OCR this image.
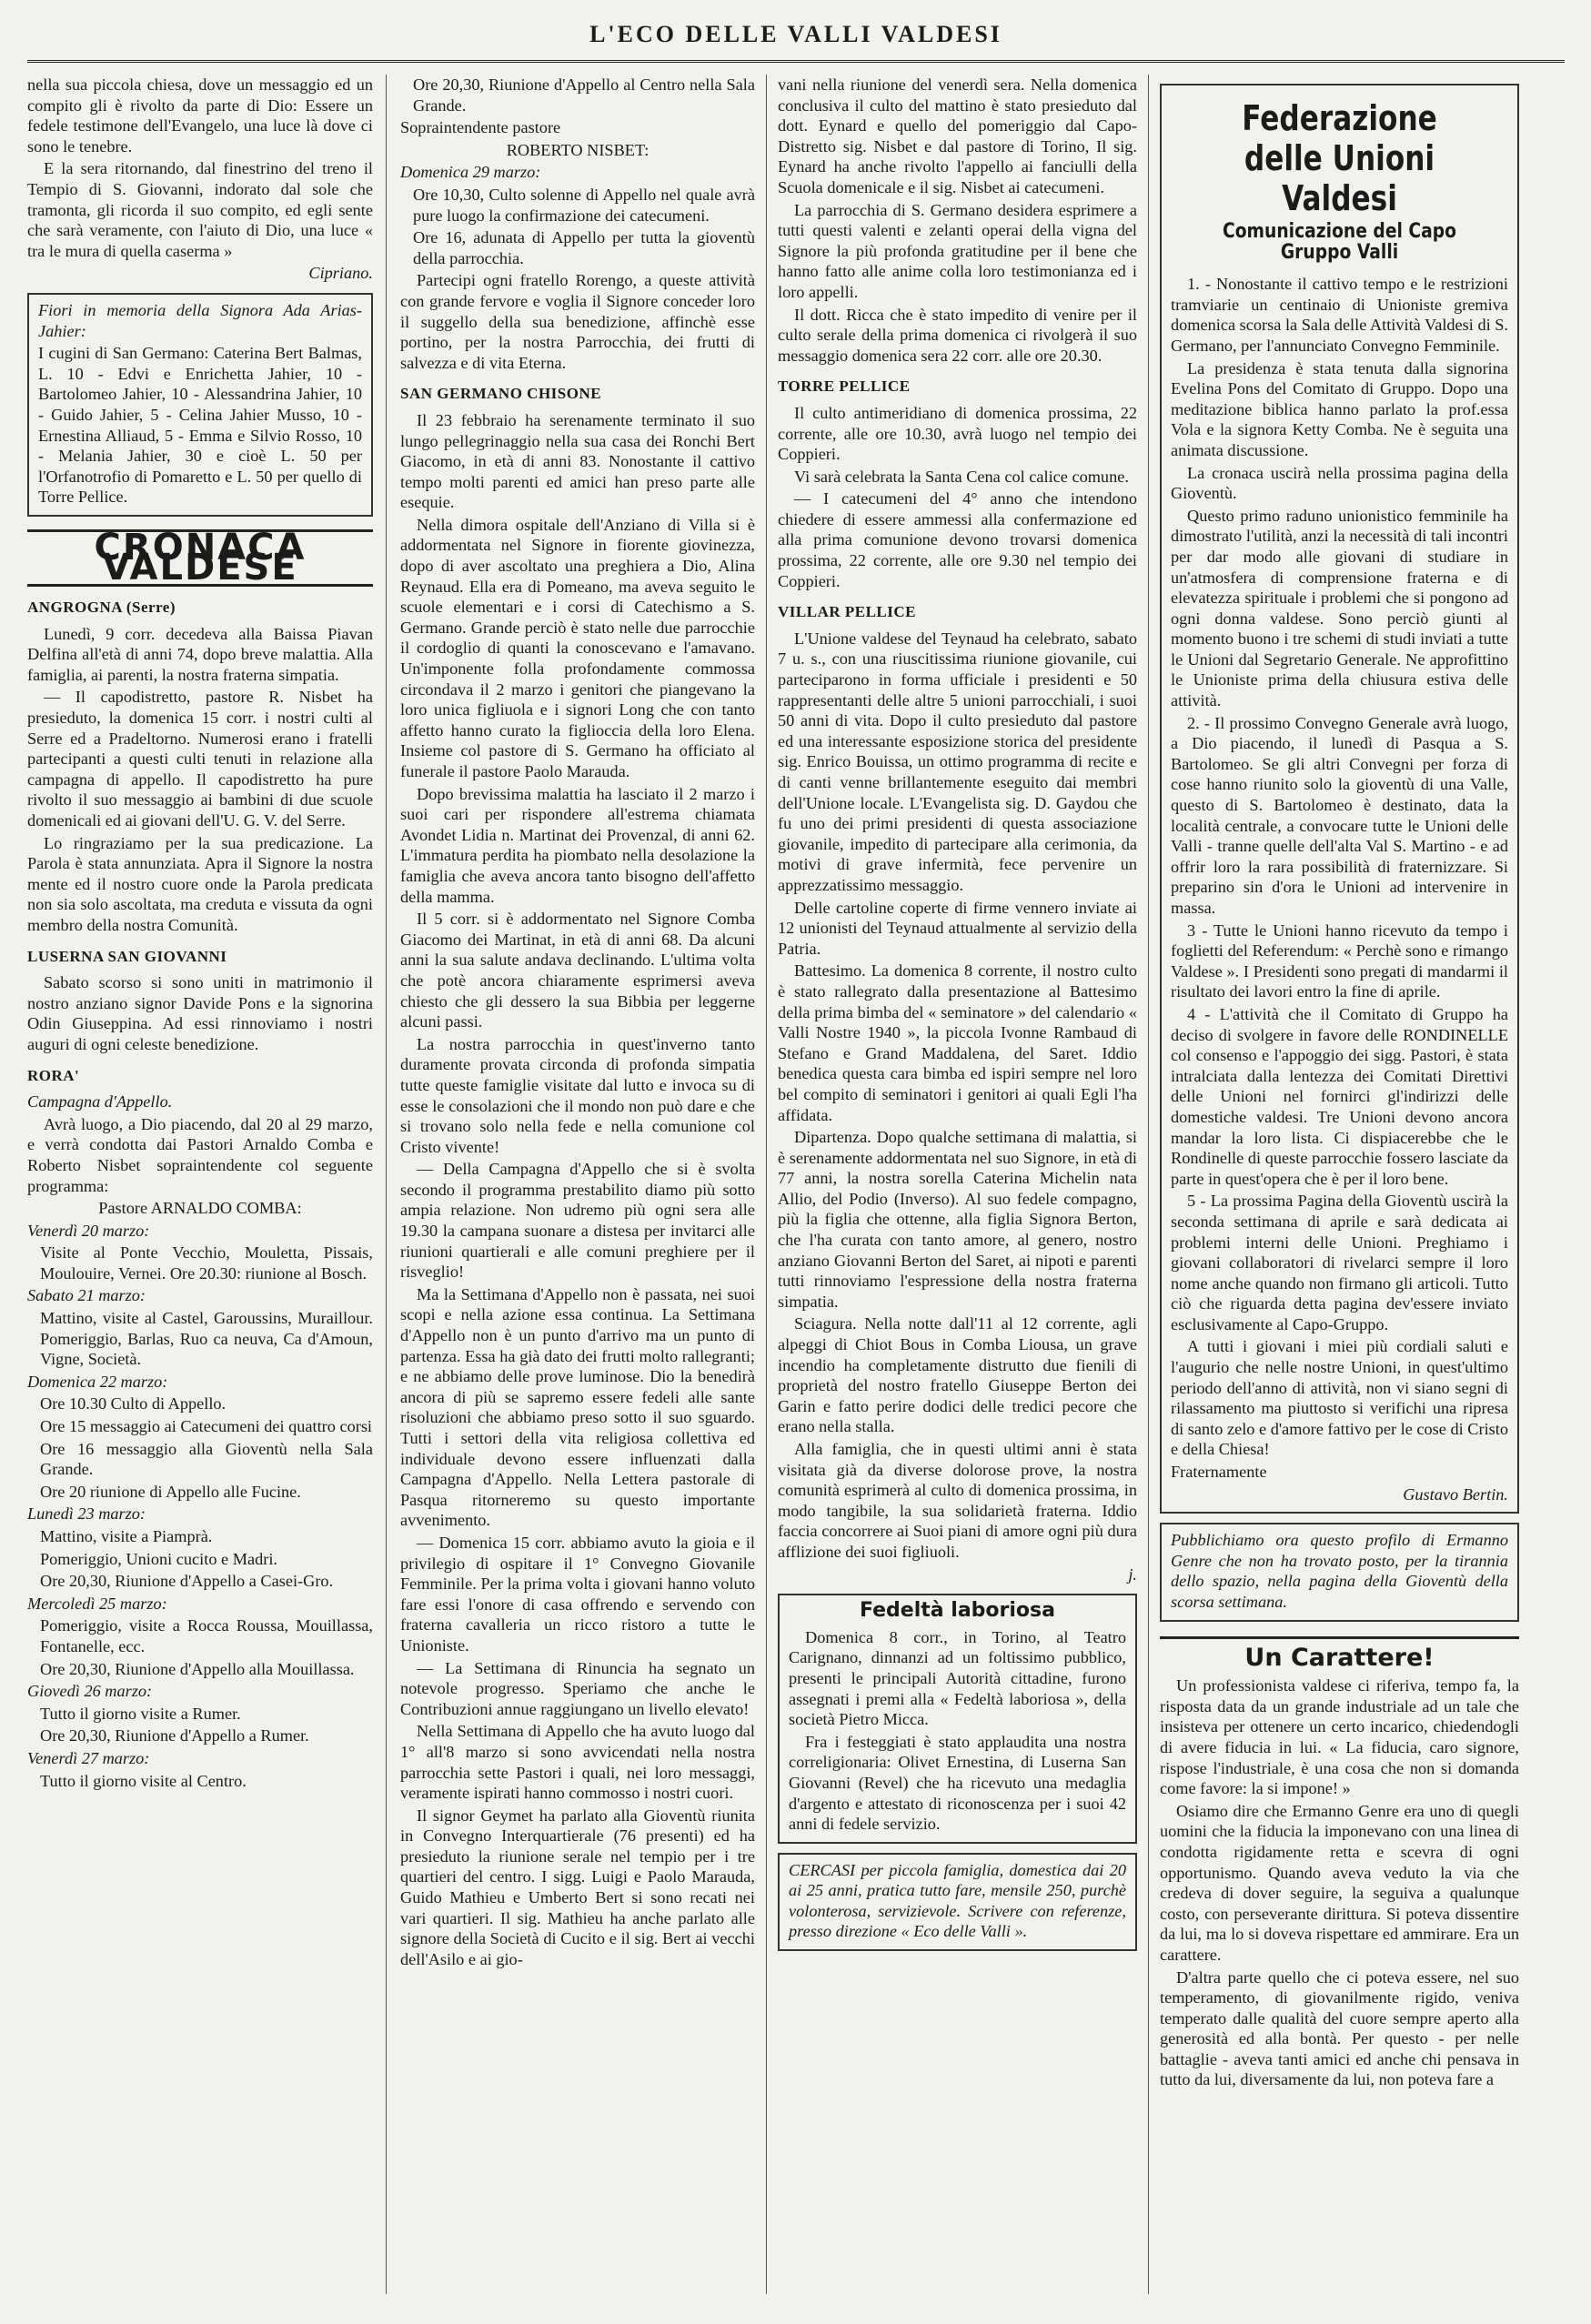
L'ECO DELLE VALLI VALDESI

nella sua piccola chiesa, dove un messaggio ed un compito gli è rivolto da parte di Dio: Essere un fedele testimone dell'Evangelo, una luce là dove ci sono le tenebre.

E la sera ritornando, dal finestrino del treno il Tempio di S. Giovanni, indorato dal sole che tramonta, gli ricorda il suo compito, ed egli sente che sarà veramente, con l'aiuto di Dio, una luce « tra le mura di quella caserma »

Cipriano.

Fiori in memoria della Signora Ada Arias-Jahier:

I cugini di San Germano: Caterina Bert Balmas, L. 10 - Edvi e Enrichetta Jahier, 10 - Bartolomeo Jahier, 10 - Alessandrina Jahier, 10 - Guido Jahier, 5 - Celina Jahier Musso, 10 - Ernestina Alliaud, 5 - Emma e Silvio Rosso, 10 - Melania Jahier, 30 e cioè L. 50 per l'Orfanotrofio di Pomaretto e L. 50 per quello di Torre Pellice.

CRONACA VALDESE

ANGROGNA (Serre)

Lunedì, 9 corr. decedeva alla Baissa Piavan Delfina all'età di anni 74, dopo breve malattia. Alla famiglia, ai parenti, la nostra fraterna simpatia.

— Il capodistretto, pastore R. Nisbet ha presieduto, la domenica 15 corr. i nostri culti al Serre ed a Pradeltorno. Numerosi erano i fratelli partecipanti a questi culti tenuti in relazione alla campagna di appello. Il capodistretto ha pure rivolto il suo messaggio ai bambini di due scuole domenicali ed ai giovani dell'U. G. V. del Serre.

Lo ringraziamo per la sua predicazione. La Parola è stata annunziata. Apra il Signore la nostra mente ed il nostro cuore onde la Parola predicata non sia solo ascoltata, ma creduta e vissuta da ogni membro della nostra Comunità.

LUSERNA SAN GIOVANNI

Sabato scorso si sono uniti in matrimonio il nostro anziano signor Davide Pons e la signorina Odin Giuseppina. Ad essi rinnoviamo i nostri auguri di ogni celeste benedizione.

RORA'

Campagna d'Appello.

Avrà luogo, a Dio piacendo, dal 20 al 29 marzo, e verrà condotta dai Pastori Arnaldo Comba e Roberto Nisbet sopraintendente col seguente programma:

Pastore ARNALDO COMBA:

Venerdì 20 marzo:

Visite al Ponte Vecchio, Mouletta, Pissais, Moulouire, Vernei. Ore 20.30: riunione al Bosch.

Sabato 21 marzo:

Mattino, visite al Castel, Garoussins, Muraillour. Pomeriggio, Barlas, Ruo ca neuva, Ca d'Amoun, Vigne, Società.

Domenica 22 marzo:

Ore 10.30 Culto di Appello.

Ore 15 messaggio ai Catecumeni dei quattro corsi

Ore 16 messaggio alla Gioventù nella Sala Grande.

Ore 20 riunione di Appello alle Fucine.

Lunedì 23 marzo:

Mattino, visite a Piamprà.

Pomeriggio, Unioni cucito e Madri.

Ore 20,30, Riunione d'Appello a Casei-Gro.

Mercoledì 25 marzo:

Pomeriggio, visite a Rocca Roussa, Mouillassa, Fontanelle, ecc.

Ore 20,30, Riunione d'Appello alla Mouillassa.

Giovedì 26 marzo:

Tutto il giorno visite a Rumer.

Ore 20,30, Riunione d'Appello a Rumer.

Venerdì 27 marzo:

Tutto il giorno visite al Centro.

Ore 20,30, Riunione d'Appello al Centro nella Sala Grande.

Sopraintendente pastore

ROBERTO NISBET:

Domenica 29 marzo:

Ore 10,30, Culto solenne di Appello nel quale avrà pure luogo la confirmazione dei catecumeni.

Ore 16, adunata di Appello per tutta la gioventù della parrocchia.

Partecipi ogni fratello Rorengo, a queste attività con grande fervore e voglia il Signore conceder loro il suggello della sua benedizione, affinchè esse portino, per la nostra Parrocchia, dei frutti di salvezza e di vita Eterna.

SAN GERMANO CHISONE

Il 23 febbraio ha serenamente terminato il suo lungo pellegrinaggio nella sua casa dei Ronchi Bert Giacomo, in età di anni 83. Nonostante il cattivo tempo molti parenti ed amici han preso parte alle esequie.

Nella dimora ospitale dell'Anziano di Villa si è addormentata nel Signore in fiorente giovinezza, dopo di aver ascoltato una preghiera a Dio, Alina Reynaud. Ella era di Pomeano, ma aveva seguito le scuole elementari e i corsi di Catechismo a S. Germano. Grande perciò è stato nelle due parrocchie il cordoglio di quanti la conoscevano e l'amavano. Un'imponente folla profondamente commossa circondava il 2 marzo i genitori che piangevano la loro unica figliuola e i signori Long che con tanto affetto hanno curato la figlioccia della loro Elena. Insieme col pastore di S. Germano ha officiato al funerale il pastore Paolo Marauda.

Dopo brevissima malattia ha lasciato il 2 marzo i suoi cari per rispondere all'estrema chiamata Avondet Lidia n. Martinat dei Provenzal, di anni 62. L'immatura perdita ha piombato nella desolazione la famiglia che aveva ancora tanto bisogno dell'affetto della mamma.

Il 5 corr. si è addormentato nel Signore Comba Giacomo dei Martinat, in età di anni 68. Da alcuni anni la sua salute andava declinando. L'ultima volta che potè ancora chiaramente esprimersi aveva chiesto che gli dessero la sua Bibbia per leggerne alcuni passi.

La nostra parrocchia in quest'inverno tanto duramente provata circonda di profonda simpatia tutte queste famiglie visitate dal lutto e invoca su di esse le consolazioni che il mondo non può dare e che si trovano solo nella fede e nella comunione col Cristo vivente!

— Della Campagna d'Appello che si è svolta secondo il programma prestabilito diamo più sotto ampia relazione. Non udremo più ogni sera alle 19.30 la campana suonare a distesa per invitarci alle riunioni quartierali e alle comuni preghiere per il risveglio!

Ma la Settimana d'Appello non è passata, nei suoi scopi e nella azione essa continua. La Settimana d'Appello non è un punto d'arrivo ma un punto di partenza. Essa ha già dato dei frutti molto rallegranti; e ne abbiamo delle prove luminose. Dio la benedirà ancora di più se sapremo essere fedeli alle sante risoluzioni che abbiamo preso sotto il suo sguardo. Tutti i settori della vita religiosa collettiva ed individuale devono essere influenzati dalla Campagna d'Appello. Nella Lettera pastorale di Pasqua ritorneremo su questo importante avvenimento.

— Domenica 15 corr. abbiamo avuto la gioia e il privilegio di ospitare il 1° Convegno Giovanile Femminile. Per la prima volta i giovani hanno voluto fare essi l'onore di casa offrendo e servendo con fraterna cavalleria un ricco ristoro a tutte le Unioniste.

— La Settimana di Rinuncia ha segnato un notevole progresso. Speriamo che anche le Contribuzioni annue raggiungano un livello elevato!

Nella Settimana di Appello che ha avuto luogo dal 1° all'8 marzo si sono avvicendati nella nostra parrocchia sette Pastori i quali, nei loro messaggi, veramente ispirati hanno commosso i nostri cuori.

Il signor Geymet ha parlato alla Gioventù riunita in Convegno Interquartierale (76 presenti) ed ha presieduto la riunione serale nel tempio per i tre quartieri del centro. I sigg. Luigi e Paolo Marauda, Guido Mathieu e Umberto Bert si sono recati nei vari quartieri. Il sig. Mathieu ha anche parlato alle signore della Società di Cucito e il sig. Bert ai vecchi dell'Asilo e ai gio-

vani nella riunione del venerdì sera. Nella domenica conclusiva il culto del mattino è stato presieduto dal dott. Eynard e quello del pomeriggio dal Capo-Distretto sig. Nisbet e dal pastore di Torino, Il sig. Eynard ha anche rivolto l'appello ai fanciulli della Scuola domenicale e il sig. Nisbet ai catecumeni.

La parrocchia di S. Germano desidera esprimere a tutti questi valenti e zelanti operai della vigna del Signore la più profonda gratitudine per il bene che hanno fatto alle anime colla loro testimonianza ed i loro appelli.

Il dott. Ricca che è stato impedito di venire per il culto serale della prima domenica ci rivolgerà il suo messaggio domenica sera 22 corr. alle ore 20.30.

TORRE PELLICE

Il culto antimeridiano di domenica prossima, 22 corrente, alle ore 10.30, avrà luogo nel tempio dei Coppieri.

Vi sarà celebrata la Santa Cena col calice comune.

— I catecumeni del 4° anno che intendono chiedere di essere ammessi alla confermazione ed alla prima comunione devono trovarsi domenica prossima, 22 corrente, alle ore 9.30 nel tempio dei Coppieri.

VILLAR PELLICE

L'Unione valdese del Teynaud ha celebrato, sabato 7 u. s., con una riuscitissima riunione giovanile, cui parteciparono in forma ufficiale i presidenti e 50 rappresentanti delle altre 5 unioni parrocchiali, i suoi 50 anni di vita. Dopo il culto presieduto dal pastore ed una interessante esposizione storica del presidente sig. Enrico Bouissa, un ottimo programma di recite e di canti venne brillantemente eseguito dai membri dell'Unione locale. L'Evangelista sig. D. Gaydou che fu uno dei primi presidenti di questa associazione giovanile, impedito di partecipare alla cerimonia, da motivi di grave infermità, fece pervenire un apprezzatissimo messaggio.

Delle cartoline coperte di firme vennero inviate ai 12 unionisti del Teynaud attualmente al servizio della Patria.

Battesimo. La domenica 8 corrente, il nostro culto è stato rallegrato dalla presentazione al Battesimo della prima bimba del « seminatore » del calendario « Valli Nostre 1940 », la piccola Ivonne Rambaud di Stefano e Grand Maddalena, del Saret. Iddio benedica questa cara bimba ed ispiri sempre nel loro bel compito di seminatori i genitori ai quali Egli l'ha affidata.

Dipartenza. Dopo qualche settimana di malattia, si è serenamente addormentata nel suo Signore, in età di 77 anni, la nostra sorella Caterina Michelin nata Allio, del Podio (Inverso). Al suo fedele compagno, più la figlia che ottenne, alla figlia Signora Berton, che l'ha curata con tanto amore, al genero, nostro anziano Giovanni Berton del Saret, ai nipoti e parenti tutti rinnoviamo l'espressione della nostra fraterna simpatia.

Sciagura. Nella notte dall'11 al 12 corrente, agli alpeggi di Chiot Bous in Comba Liousa, un grave incendio ha completamente distrutto due fienili di proprietà del nostro fratello Giuseppe Berton dei Garin e fatto perire dodici delle tredici pecore che erano nella stalla.

Alla famiglia, che in questi ultimi anni è stata visitata già da diverse dolorose prove, la nostra comunità esprimerà al culto di domenica prossima, in modo tangibile, la sua solidarietà fraterna. Iddio faccia concorrere ai Suoi piani di amore ogni più dura afflizione dei suoi figliuoli.

j.

Fedeltà laboriosa

Domenica 8 corr., in Torino, al Teatro Carignano, dinnanzi ad un foltissimo pubblico, presenti le principali Autorità cittadine, furono assegnati i premi alla « Fedeltà laboriosa », della società Pietro Micca.

Fra i festeggiati è stato applaudita una nostra correligionaria: Olivet Ernestina, di Luserna San Giovanni (Revel) che ha ricevuto una medaglia d'argento e attestato di riconoscenza per i suoi 42 anni di fedele servizio.

CERCASI per piccola famiglia, domestica dai 20 ai 25 anni, pratica tutto fare, mensile 250, purchè volonterosa, servizievole. Scrivere con referenze, presso direzione « Eco delle Valli ».

Federazione delle Unioni Valdesi

Comunicazione del Capo Gruppo Valli

1. - Nonostante il cattivo tempo e le restrizioni tramviarie un centinaio di Unioniste gremiva domenica scorsa la Sala delle Attività Valdesi di S. Germano, per l'annunciato Convegno Femminile.

La presidenza è stata tenuta dalla signorina Evelina Pons del Comitato di Gruppo. Dopo una meditazione biblica hanno parlato la prof.essa Vola e la signora Ketty Comba. Ne è seguita una animata discussione.

La cronaca uscirà nella prossima pagina della Gioventù.

Questo primo raduno unionistico femminile ha dimostrato l'utilità, anzi la necessità di tali incontri per dar modo alle giovani di studiare in un'atmosfera di comprensione fraterna e di elevatezza spirituale i problemi che si pongono ad ogni donna valdese. Sono perciò giunti al momento buono i tre schemi di studi inviati a tutte le Unioni dal Segretario Generale. Ne approfittino le Unioniste prima della chiusura estiva delle attività.

2. - Il prossimo Convegno Generale avrà luogo, a Dio piacendo, il lunedì di Pasqua a S. Bartolomeo. Se gli altri Convegni per forza di cose hanno riunito solo la gioventù di una Valle, questo di S. Bartolomeo è destinato, data la località centrale, a convocare tutte le Unioni delle Valli - tranne quelle dell'alta Val S. Martino - e ad offrir loro la rara possibilità di fraternizzare. Si preparino sin d'ora le Unioni ad intervenire in massa.

3 - Tutte le Unioni hanno ricevuto da tempo i foglietti del Referendum: « Perchè sono e rimango Valdese ». I Presidenti sono pregati di mandarmi il risultato dei lavori entro la fine di aprile.

4 - L'attività che il Comitato di Gruppo ha deciso di svolgere in favore delle RONDINELLE col consenso e l'appoggio dei sigg. Pastori, è stata intralciata dalla lentezza dei Comitati Direttivi delle Unioni nel fornirci gl'indirizzi delle domestiche valdesi. Tre Unioni devono ancora mandar la loro lista. Ci dispiacerebbe che le Rondinelle di queste parrocchie fossero lasciate da parte in quest'opera che è per il loro bene.

5 - La prossima Pagina della Gioventù uscirà la seconda settimana di aprile e sarà dedicata ai problemi interni delle Unioni. Preghiamo i giovani collaboratori di rivelarci sempre il loro nome anche quando non firmano gli articoli. Tutto ciò che riguarda detta pagina dev'essere inviato esclusivamente al Capo-Gruppo.

A tutti i giovani i miei più cordiali saluti e l'augurio che nelle nostre Unioni, in quest'ultimo periodo dell'anno di attività, non vi siano segni di rilassamento ma piuttosto si verifichi una ripresa di santo zelo e d'amore fattivo per le cose di Cristo e della Chiesa!

Fraternamente

Gustavo Bertin.

Pubblichiamo ora questo profilo di Ermanno Genre che non ha trovato posto, per la tirannia dello spazio, nella pagina della Gioventù della scorsa settimana.

Un Carattere!

Un professionista valdese ci riferiva, tempo fa, la risposta data da un grande industriale ad un tale che insisteva per ottenere un certo incarico, chiedendogli di avere fiducia in lui. « La fiducia, caro signore, rispose l'industriale, è una cosa che non si domanda come favore: la si impone! »

Osiamo dire che Ermanno Genre era uno di quegli uomini che la fiducia la imponevano con una linea di condotta rigidamente retta e scevra di ogni opportunismo. Quando aveva veduto la via che credeva di dover seguire, la seguiva a qualunque costo, con perseverante dirittura. Si poteva dissentire da lui, ma lo si doveva rispettare ed ammirare. Era un carattere.

D'altra parte quello che ci poteva essere, nel suo temperamento, di giovanilmente rigido, veniva temperato dalle qualità del cuore sempre aperto alla generosità ed alla bontà. Per questo - per nelle battaglie - aveva tanti amici ed anche chi pensava in tutto da lui, diversamente da lui, non poteva fare a
